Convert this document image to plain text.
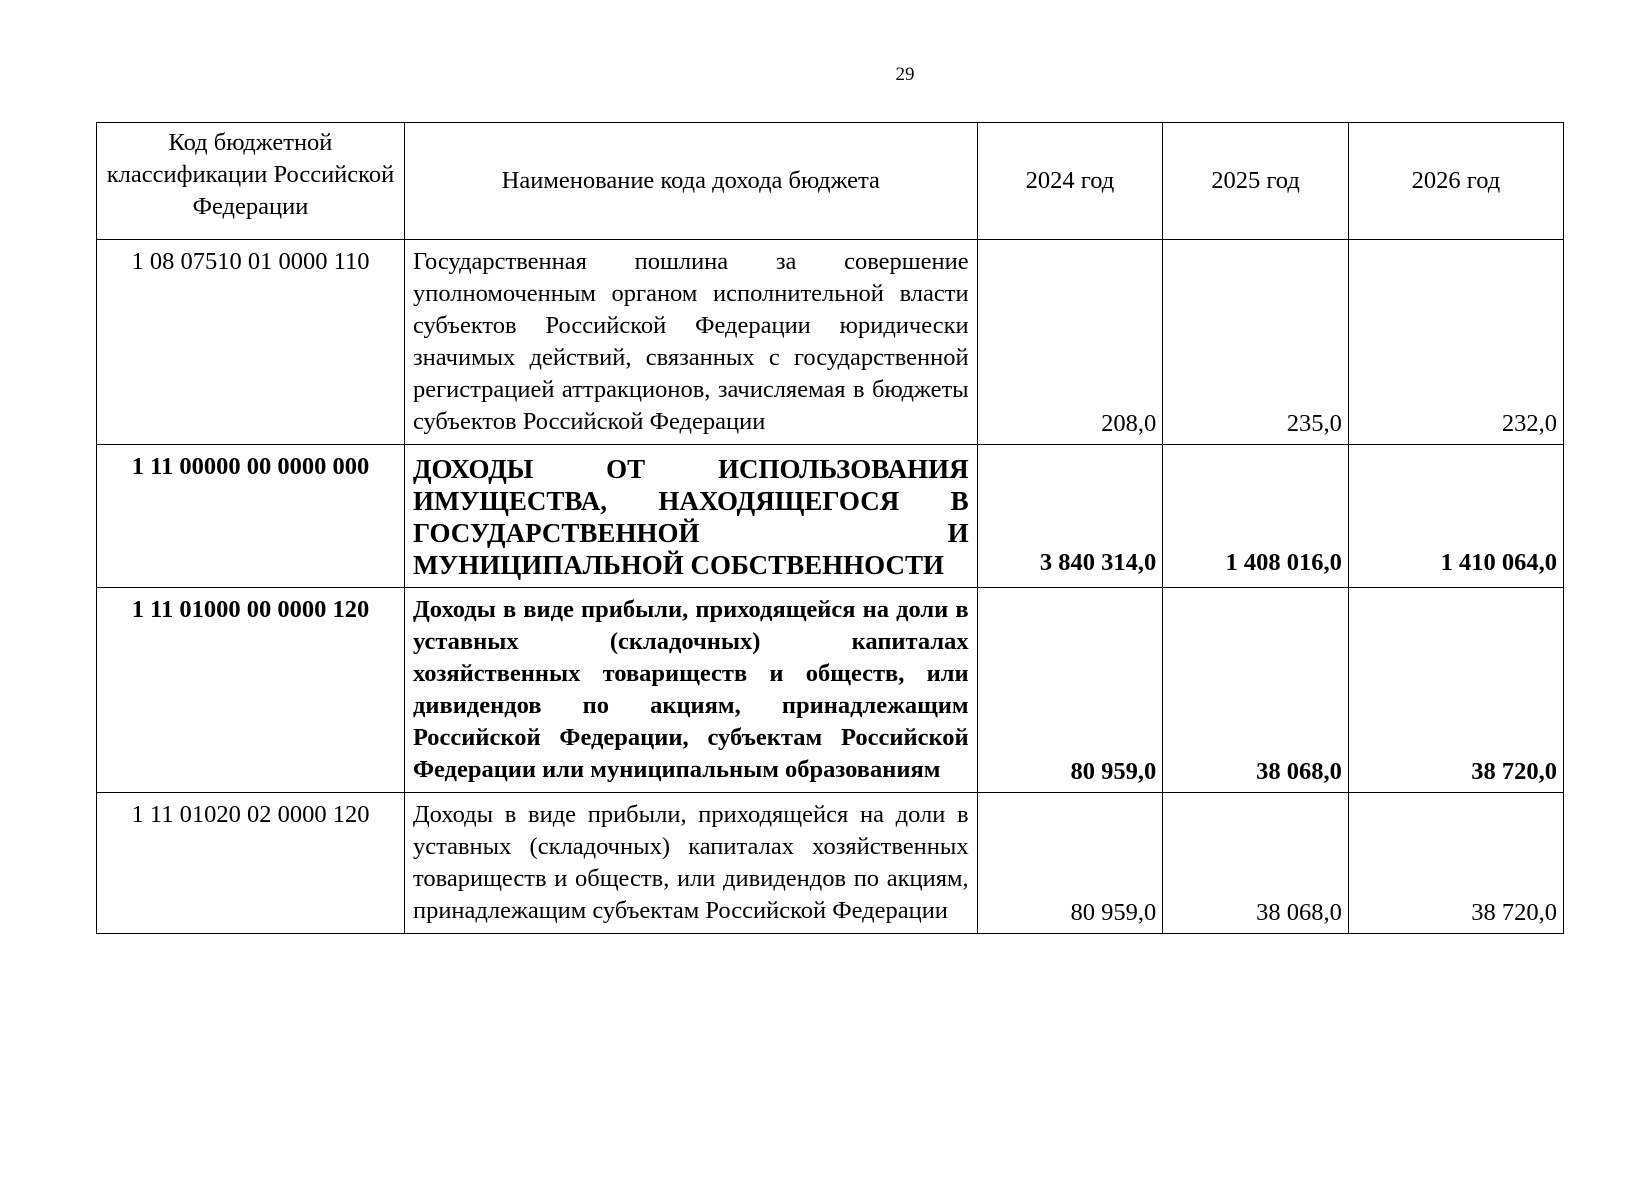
29
Код бюджетной классификации Российской Федерации	Наименование кода дохода бюджета	2024 год	2025 год	2026 год
1 08 07510 01 0000 110	Государственная пошлина за совершение уполномоченным органом исполнительной власти субъектов Российской Федерации юридически значимых действий, связанных с государственной регистрацией аттракционов, зачисляемая в бюджеты субъектов Российской Федерации	208,0	235,0	232,0
1 11 00000 00 0000 000	ДОХОДЫ ОТ ИСПОЛЬЗОВАНИЯ ИМУЩЕСТВА, НАХОДЯЩЕГОСЯ В ГОСУДАРСТВЕННОЙ И МУНИЦИПАЛЬНОЙ СОБСТВЕННОСТИ	3 840 314,0	1 408 016,0	1 410 064,0
1 11 01000 00 0000 120	Доходы в виде прибыли, приходящейся на доли в уставных (складочных) капиталах хозяйственных товариществ и обществ, или дивидендов по акциям, принадлежащим Российской Федерации, субъектам Российской Федерации или муниципальным образованиям	80 959,0	38 068,0	38 720,0
1 11 01020 02 0000 120	Доходы в виде прибыли, приходящейся на доли в уставных (складочных) капиталах хозяйственных товариществ и обществ, или дивидендов по акциям, принадлежащим субъектам Российской Федерации	80 959,0	38 068,0	38 720,0
